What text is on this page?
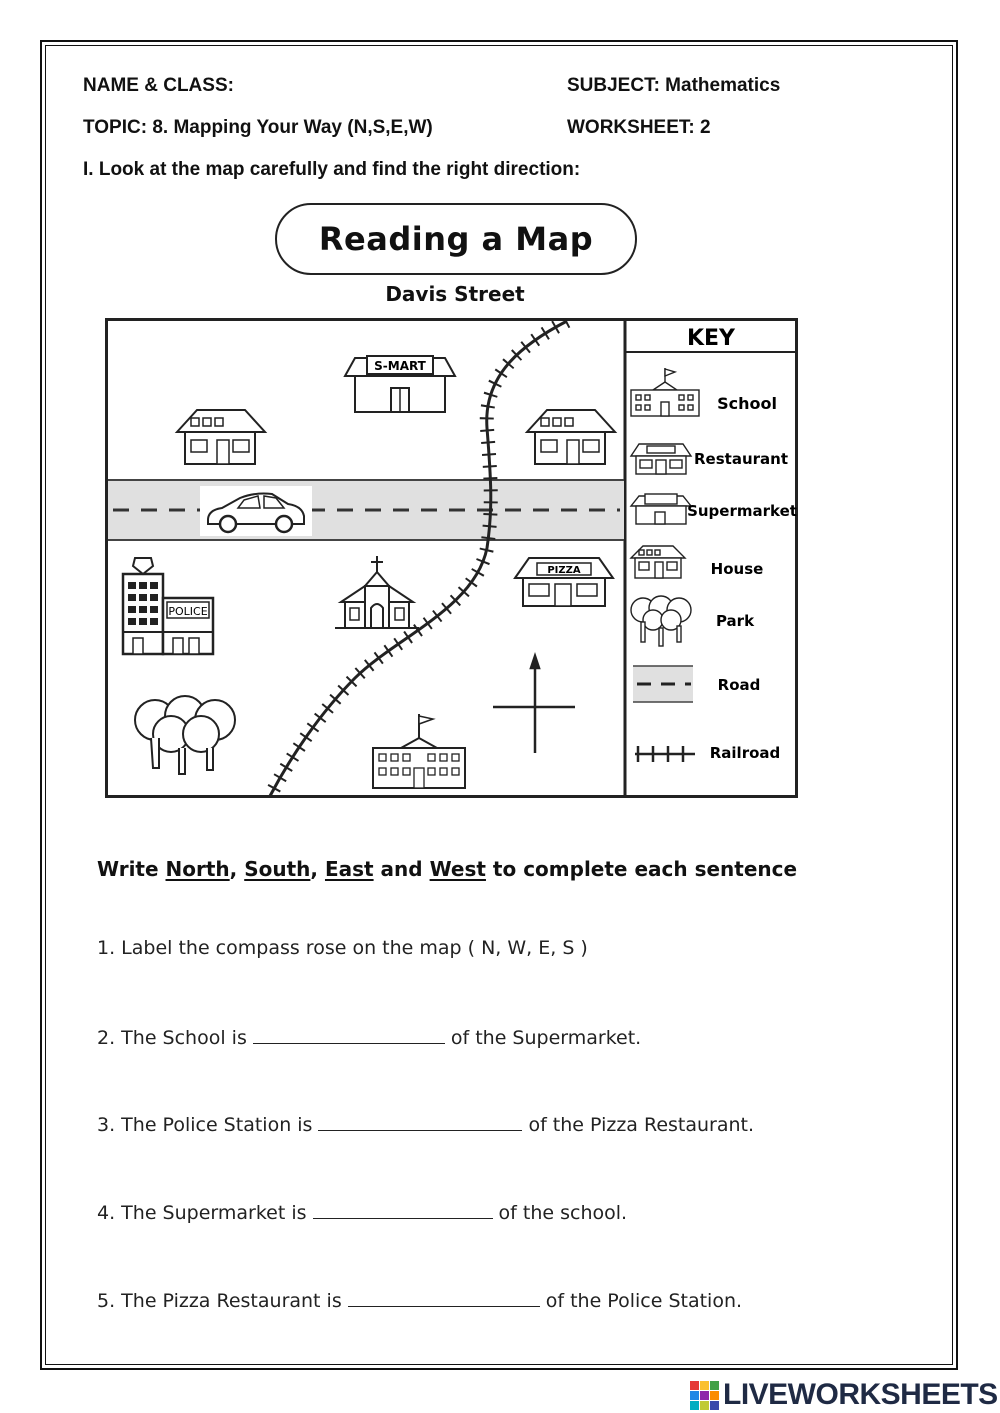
NAME & CLASS:	SUBJECT: Mathematics
TOPIC: 8. Mapping Your Way (N,S,E,W)	WORKSHEET: 2
I. Look at the map carefully and find the right direction:
Reading a Map
Davis Street
KEY
S-MART
POLICE
PIZZA
School
Restaurant
Supermarket
House
Park
Road
Railroad
Write North, South, East and West to complete each sentence
1. Label the compass rose on the map ( N, W, E, S )
2. The School is	of the Supermarket.
3. The Police Station is	of the Pizza Restaurant.
4. The Supermarket is	of the school.
5. The Pizza Restaurant is	of the Police Station.
LIVEWORKSHEETS
